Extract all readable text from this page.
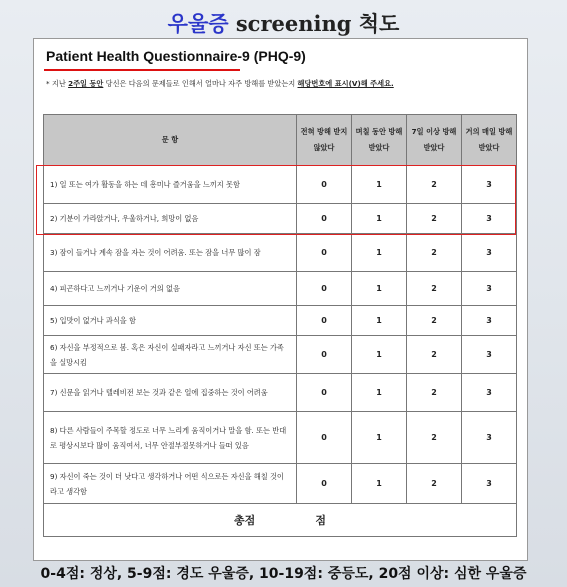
우울증 screening 척도
Patient Health Questionnaire-9 (PHQ-9)
* 지난 2주일 동안 당신은 다음의 문제들로 인해서 얼마나 자주 방해를 받았는지 해당번호에 표시(V)해 주세요.
문 항	전혀 방해 받지 않았다	며칠 동안 방해 받았다	7일 이상 방해 받았다	거의 매일 방해 받았다
1) 일 또는 여가 활동을 하는 데 흥미나 즐거움을 느끼지 못함	0	1	2	3
2) 기분이 가라앉거나, 우울하거나, 희망이 없음	0	1	2	3
3) 잠이 들거나 계속 잠을 자는 것이 어려움. 또는 잠을 너무 많이 잠	0	1	2	3
4) 피곤하다고 느끼거나 기운이 거의 없음	0	1	2	3
5) 입맛이 없거나 과식을 함	0	1	2	3
6) 자신을 부정적으로 봄. 혹은 자신이 실패자라고 느끼거나 자신 또는 가족을 실망시킴	0	1	2	3
7) 신문을 읽거나 텔레비전 보는 것과 같은 일에 집중하는 것이 어려움	0	1	2	3
8) 다른 사람들이 주목할 정도로 너무 느리게 움직이거나 말을 함. 또는 반대로 평상시보다 많이 움직여서, 너무 안절부절못하거나 들떠 있음	0	1	2	3
9) 자신이 죽는 것이 더 낫다고 생각하거나 어떤 식으로든 자신을 해칠 것이라고 생각함	0	1	2	3
총점 점				
0-4점: 정상, 5-9점: 경도 우울증, 10-19점: 중등도, 20점 이상: 심한 우울증
